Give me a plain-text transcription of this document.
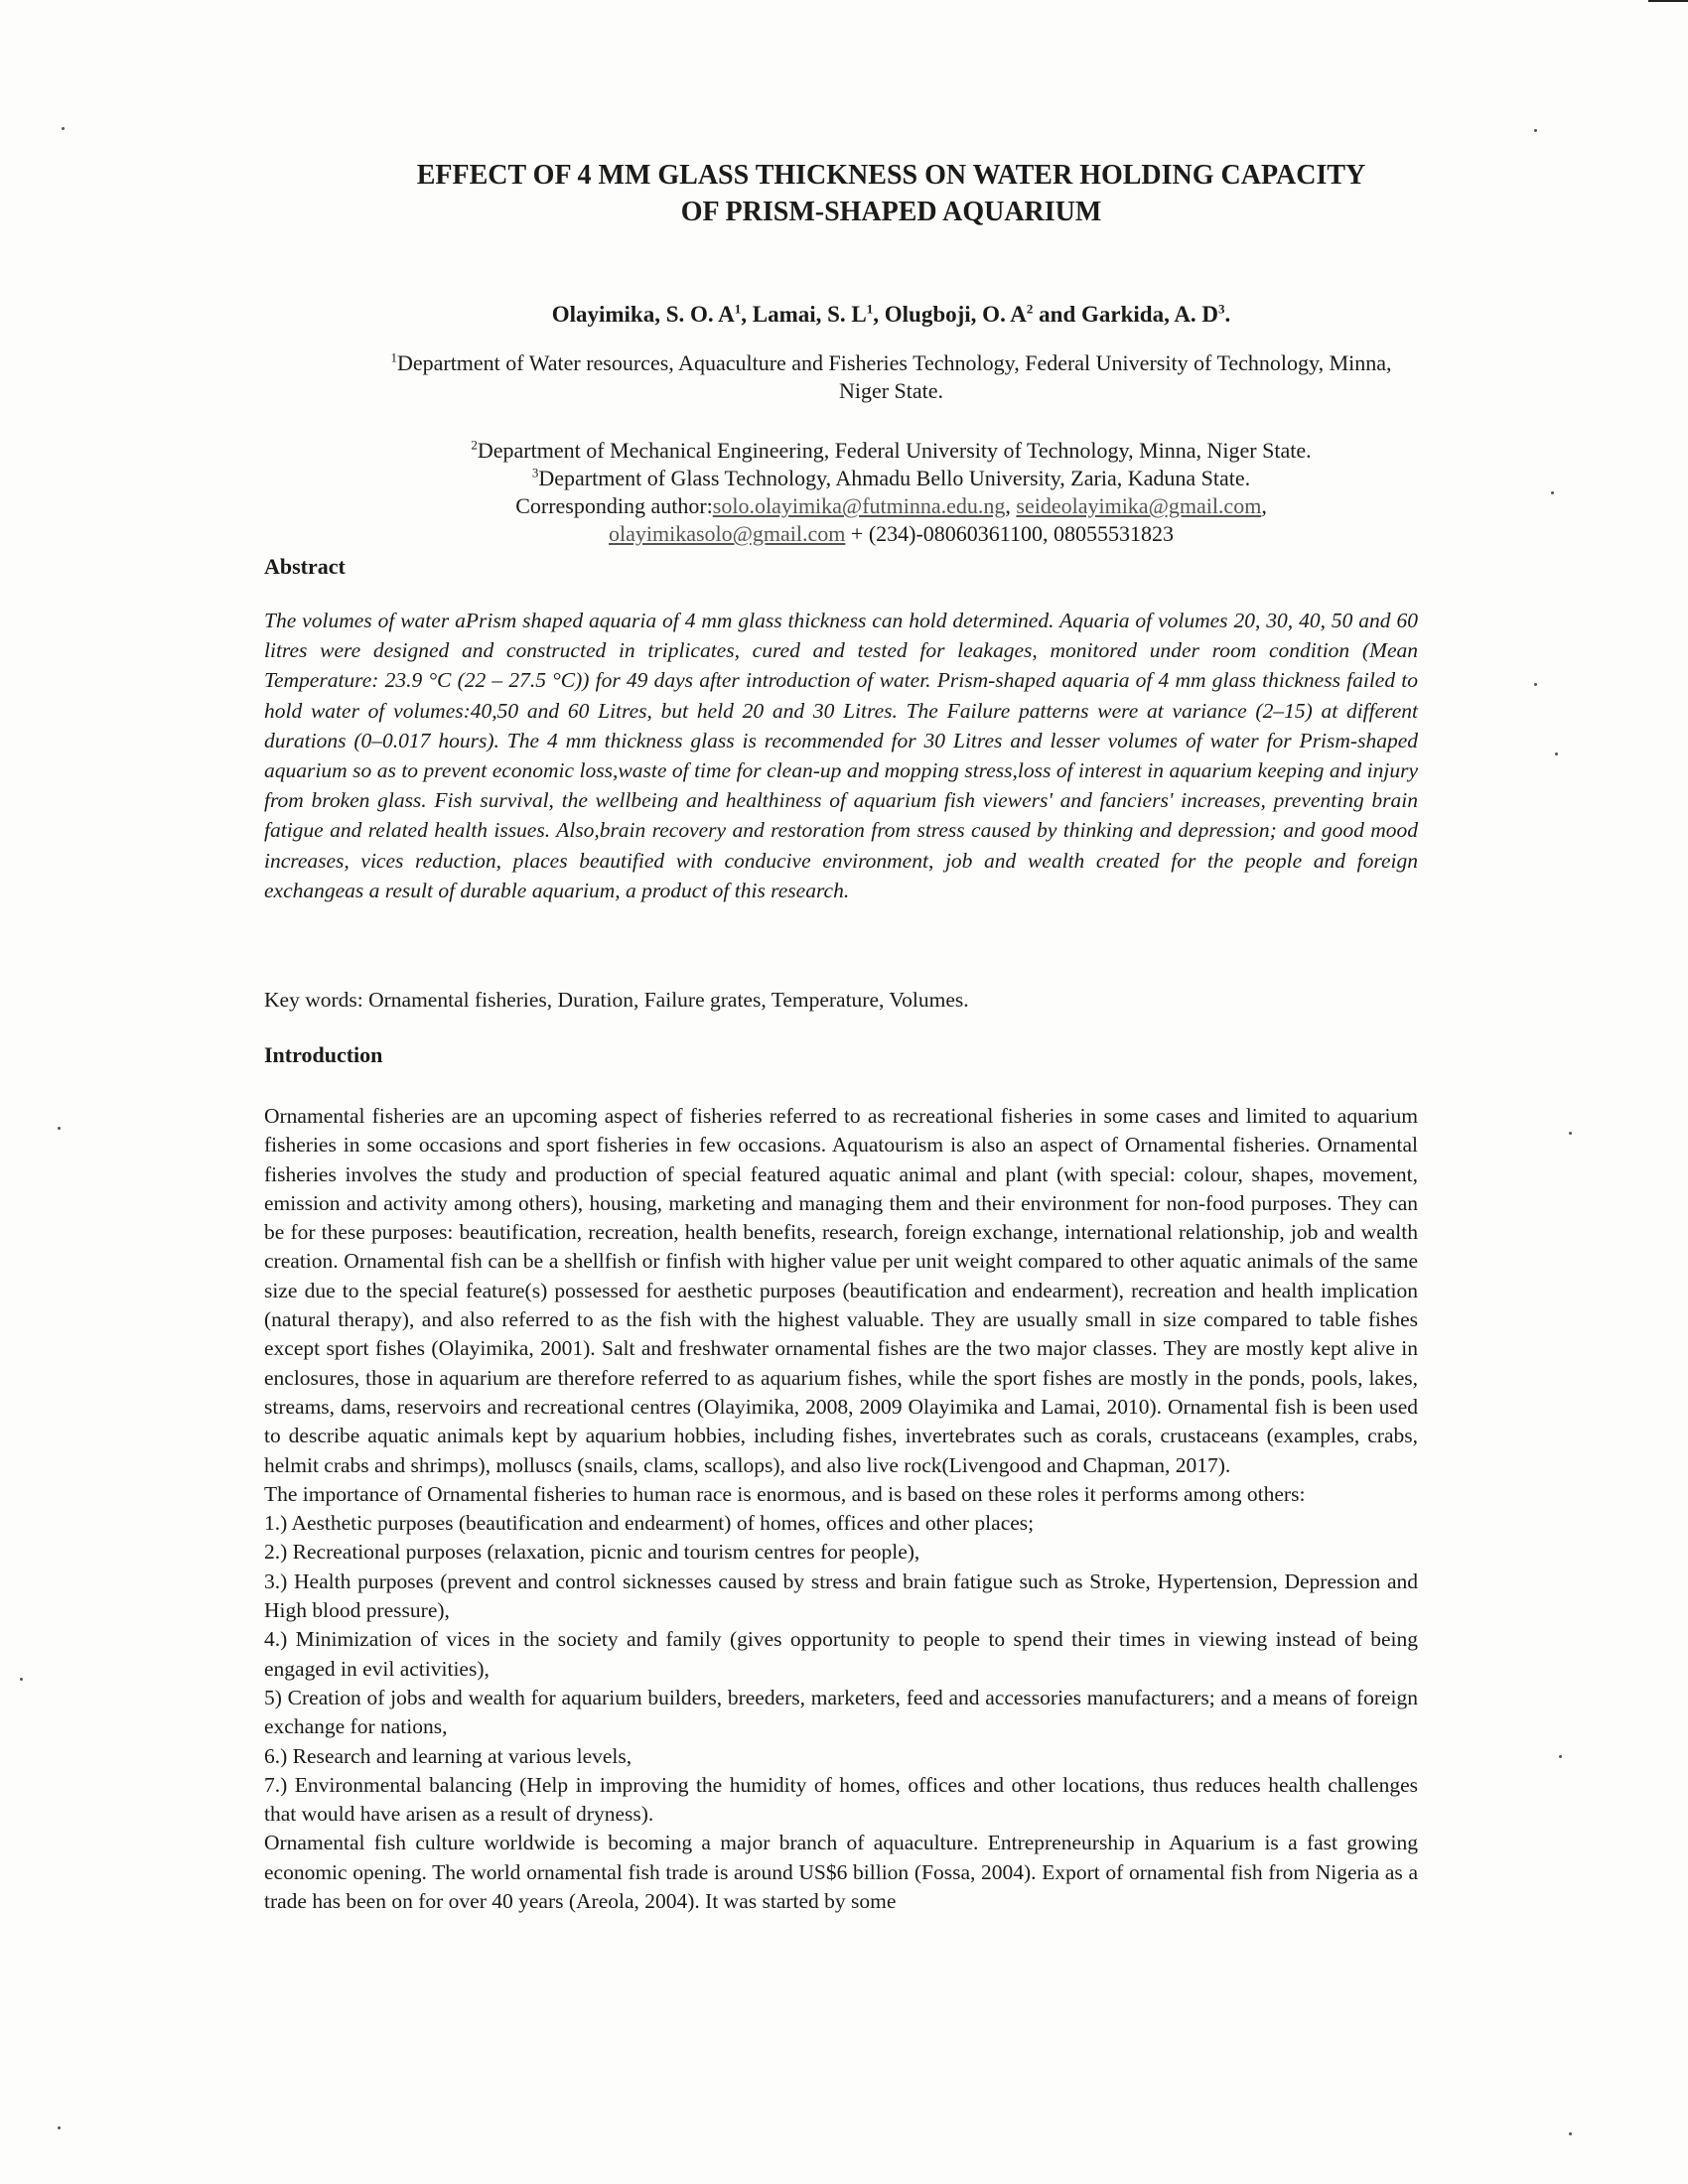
EFFECT OF 4 MM GLASS THICKNESS ON WATER HOLDING CAPACITY
OF PRISM-SHAPED AQUARIUM
Olayimika, S. O. $A^1$, Lamai, S. $L^1$, Olugboji, O. $A^2$ and Garkida, A. $D^3$.
$^1$Department of Water resources, Aquaculture and Fisheries Technology, Federal University of Technology, Minna, Niger State.
$^2$Department of Mechanical Engineering, Federal University of Technology, Minna, Niger State.
$^3$Department of Glass Technology, Ahmadu Bello University, Zaria, Kaduna State.
Corresponding author:solo.olayimika@futminna.edu.ng, seideolayimika@gmail.com,
olayimikasolo@gmail.com + (234)-08060361100, 08055531823
Abstract
The volumes of water aPrism shaped aquaria of 4 mm glass thickness can hold determined. Aquaria of volumes 20, 30, 40, 50 and 60 litres were designed and constructed in triplicates, cured and tested for leakages, monitored under room condition (Mean Temperature: 23.9 °C (22 – 27.5 °C)) for 49 days after introduction of water. Prism-shaped aquaria of 4 mm glass thickness failed to hold water of volumes:40,50 and 60 Litres, but held 20 and 30 Litres. The Failure patterns were at variance (2–15) at different durations (0–0.017 hours). The 4 mm thickness glass is recommended for 30 Litres and lesser volumes of water for Prism-shaped aquarium so as to prevent economic loss,waste of time for clean-up and mopping stress,loss of interest in aquarium keeping and injury from broken glass. Fish survival, the wellbeing and healthiness of aquarium fish viewers' and fanciers' increases, preventing brain fatigue and related health issues. Also,brain recovery and restoration from stress caused by thinking and depression; and good mood increases, vices reduction, places beautified with conducive environment, job and wealth created for the people and foreign exchangeas a result of durable aquarium, a product of this research.
Key words: Ornamental fisheries, Duration, Failure grates, Temperature, Volumes.
Introduction

Ornamental fisheries are an upcoming aspect of fisheries referred to as recreational fisheries in some cases and limited to aquarium fisheries in some occasions and sport fisheries in few occasions. Aquatourism is also an aspect of Ornamental fisheries. Ornamental fisheries involves the study and production of special featured aquatic animal and plant (with special: colour, shapes, movement, emission and activity among others), housing, marketing and managing them and their environment for non-food purposes. They can be for these purposes: beautification, recreation, health benefits, research, foreign exchange, international relationship, job and wealth creation. Ornamental fish can be a shellfish or finfish with higher value per unit weight compared to other aquatic animals of the same size due to the special feature(s) possessed for aesthetic purposes (beautification and endearment), recreation and health implication (natural therapy), and also referred to as the fish with the highest valuable. They are usually small in size compared to table fishes except sport fishes (Olayimika, 2001). Salt and freshwater ornamental fishes are the two major classes. They are mostly kept alive in enclosures, those in aquarium are therefore referred to as aquarium fishes, while the sport fishes are mostly in the ponds, pools, lakes, streams, dams, reservoirs and recreational centres (Olayimika, 2008, 2009 Olayimika and Lamai, 2010). Ornamental fish is been used to describe aquatic animals kept by aquarium hobbies, including fishes, invertebrates such as corals, crustaceans (examples, crabs, helmit crabs and shrimps), molluscs (snails, clams, scallops), and also live rock(Livengood and Chapman, 2017).

The importance of Ornamental fisheries to human race is enormous, and is based on these roles it performs among others:

1.) Aesthetic purposes (beautification and endearment) of homes, offices and other places;

2.) Recreational purposes (relaxation, picnic and tourism centres for people),

3.) Health purposes (prevent and control sicknesses caused by stress and brain fatigue such as Stroke, Hypertension, Depression and High blood pressure),

4.) Minimization of vices in the society and family (gives opportunity to people to spend their times in viewing instead of being engaged in evil activities),

5) Creation of jobs and wealth for aquarium builders, breeders, marketers, feed and accessories manufacturers; and a means of foreign exchange for nations,

6.) Research and learning at various levels,

7.) Environmental balancing (Help in improving the humidity of homes, offices and other locations, thus reduces health challenges that would have arisen as a result of dryness).

Ornamental fish culture worldwide is becoming a major branch of aquaculture. Entrepreneurship in Aquarium is a fast growing economic opening. The world ornamental fish trade is around US$6 billion (Fossa, 2004). Export of ornamental fish from Nigeria as a trade has been on for over 40 years (Areola, 2004). It was started by some
